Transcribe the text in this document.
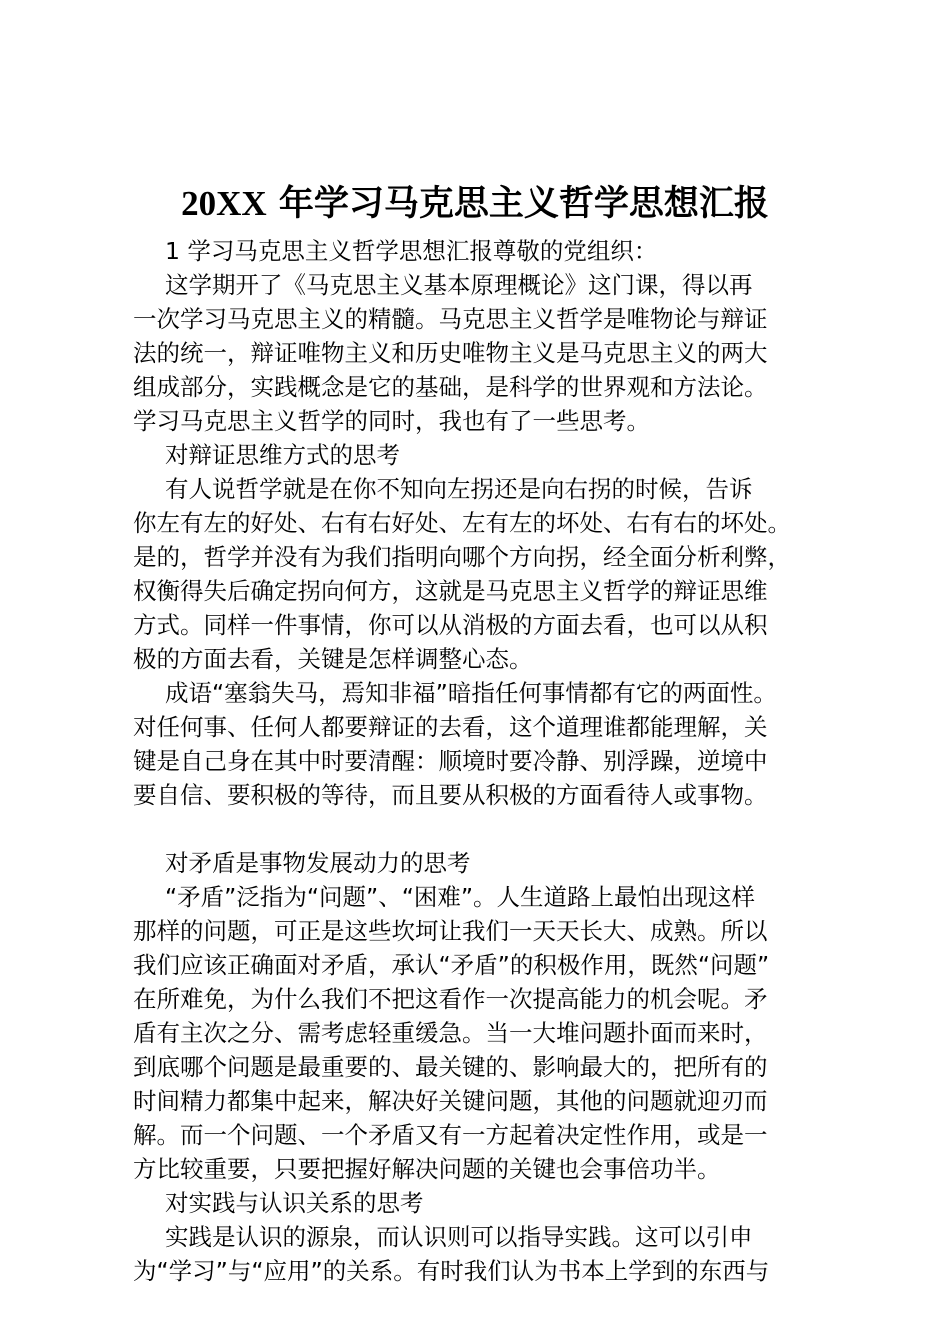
20XX 年学习马克思主义哲学思想汇报
1 学习马克思主义哲学思想汇报尊敬的党组织：
这学期开了《马克思主义基本原理概论》这门课，得以再
一次学习马克思主义的精髓。马克思主义哲学是唯物论与辩证
法的统一，辩证唯物主义和历史唯物主义是马克思主义的两大
组成部分，实践概念是它的基础，是科学的世界观和方法论。
学习马克思主义哲学的同时，我也有了一些思考。
对辩证思维方式的思考
有人说哲学就是在你不知向左拐还是向右拐的时候，告诉
你左有左的好处、右有右好处、左有左的坏处、右有右的坏处。
是的，哲学并没有为我们指明向哪个方向拐，经全面分析利弊，
权衡得失后确定拐向何方，这就是马克思主义哲学的辩证思维
方式。同样一件事情，你可以从消极的方面去看，也可以从积
极的方面去看，关键是怎样调整心态。
成语“塞翁失马，焉知非福”暗指任何事情都有它的两面性。
对任何事、任何人都要辩证的去看，这个道理谁都能理解，关
键是自己身在其中时要清醒：顺境时要冷静、别浮躁，逆境中
要自信、要积极的等待，而且要从积极的方面看待人或事物。
对矛盾是事物发展动力的思考
“矛盾”泛指为“问题”、“困难”。人生道路上最怕出现这样
那样的问题，可正是这些坎坷让我们一天天长大、成熟。所以
我们应该正确面对矛盾，承认“矛盾”的积极作用，既然“问题”
在所难免，为什么我们不把这看作一次提高能力的机会呢。矛
盾有主次之分、需考虑轻重缓急。当一大堆问题扑面而来时，
到底哪个问题是最重要的、最关键的、影响最大的，把所有的
时间精力都集中起来，解决好关键问题，其他的问题就迎刃而
解。而一个问题、一个矛盾又有一方起着决定性作用，或是一
方比较重要，只要把握好解决问题的关键也会事倍功半。
对实践与认识关系的思考
实践是认识的源泉，而认识则可以指导实践。这可以引申
为“学习”与“应用”的关系。有时我们认为书本上学到的东西与
